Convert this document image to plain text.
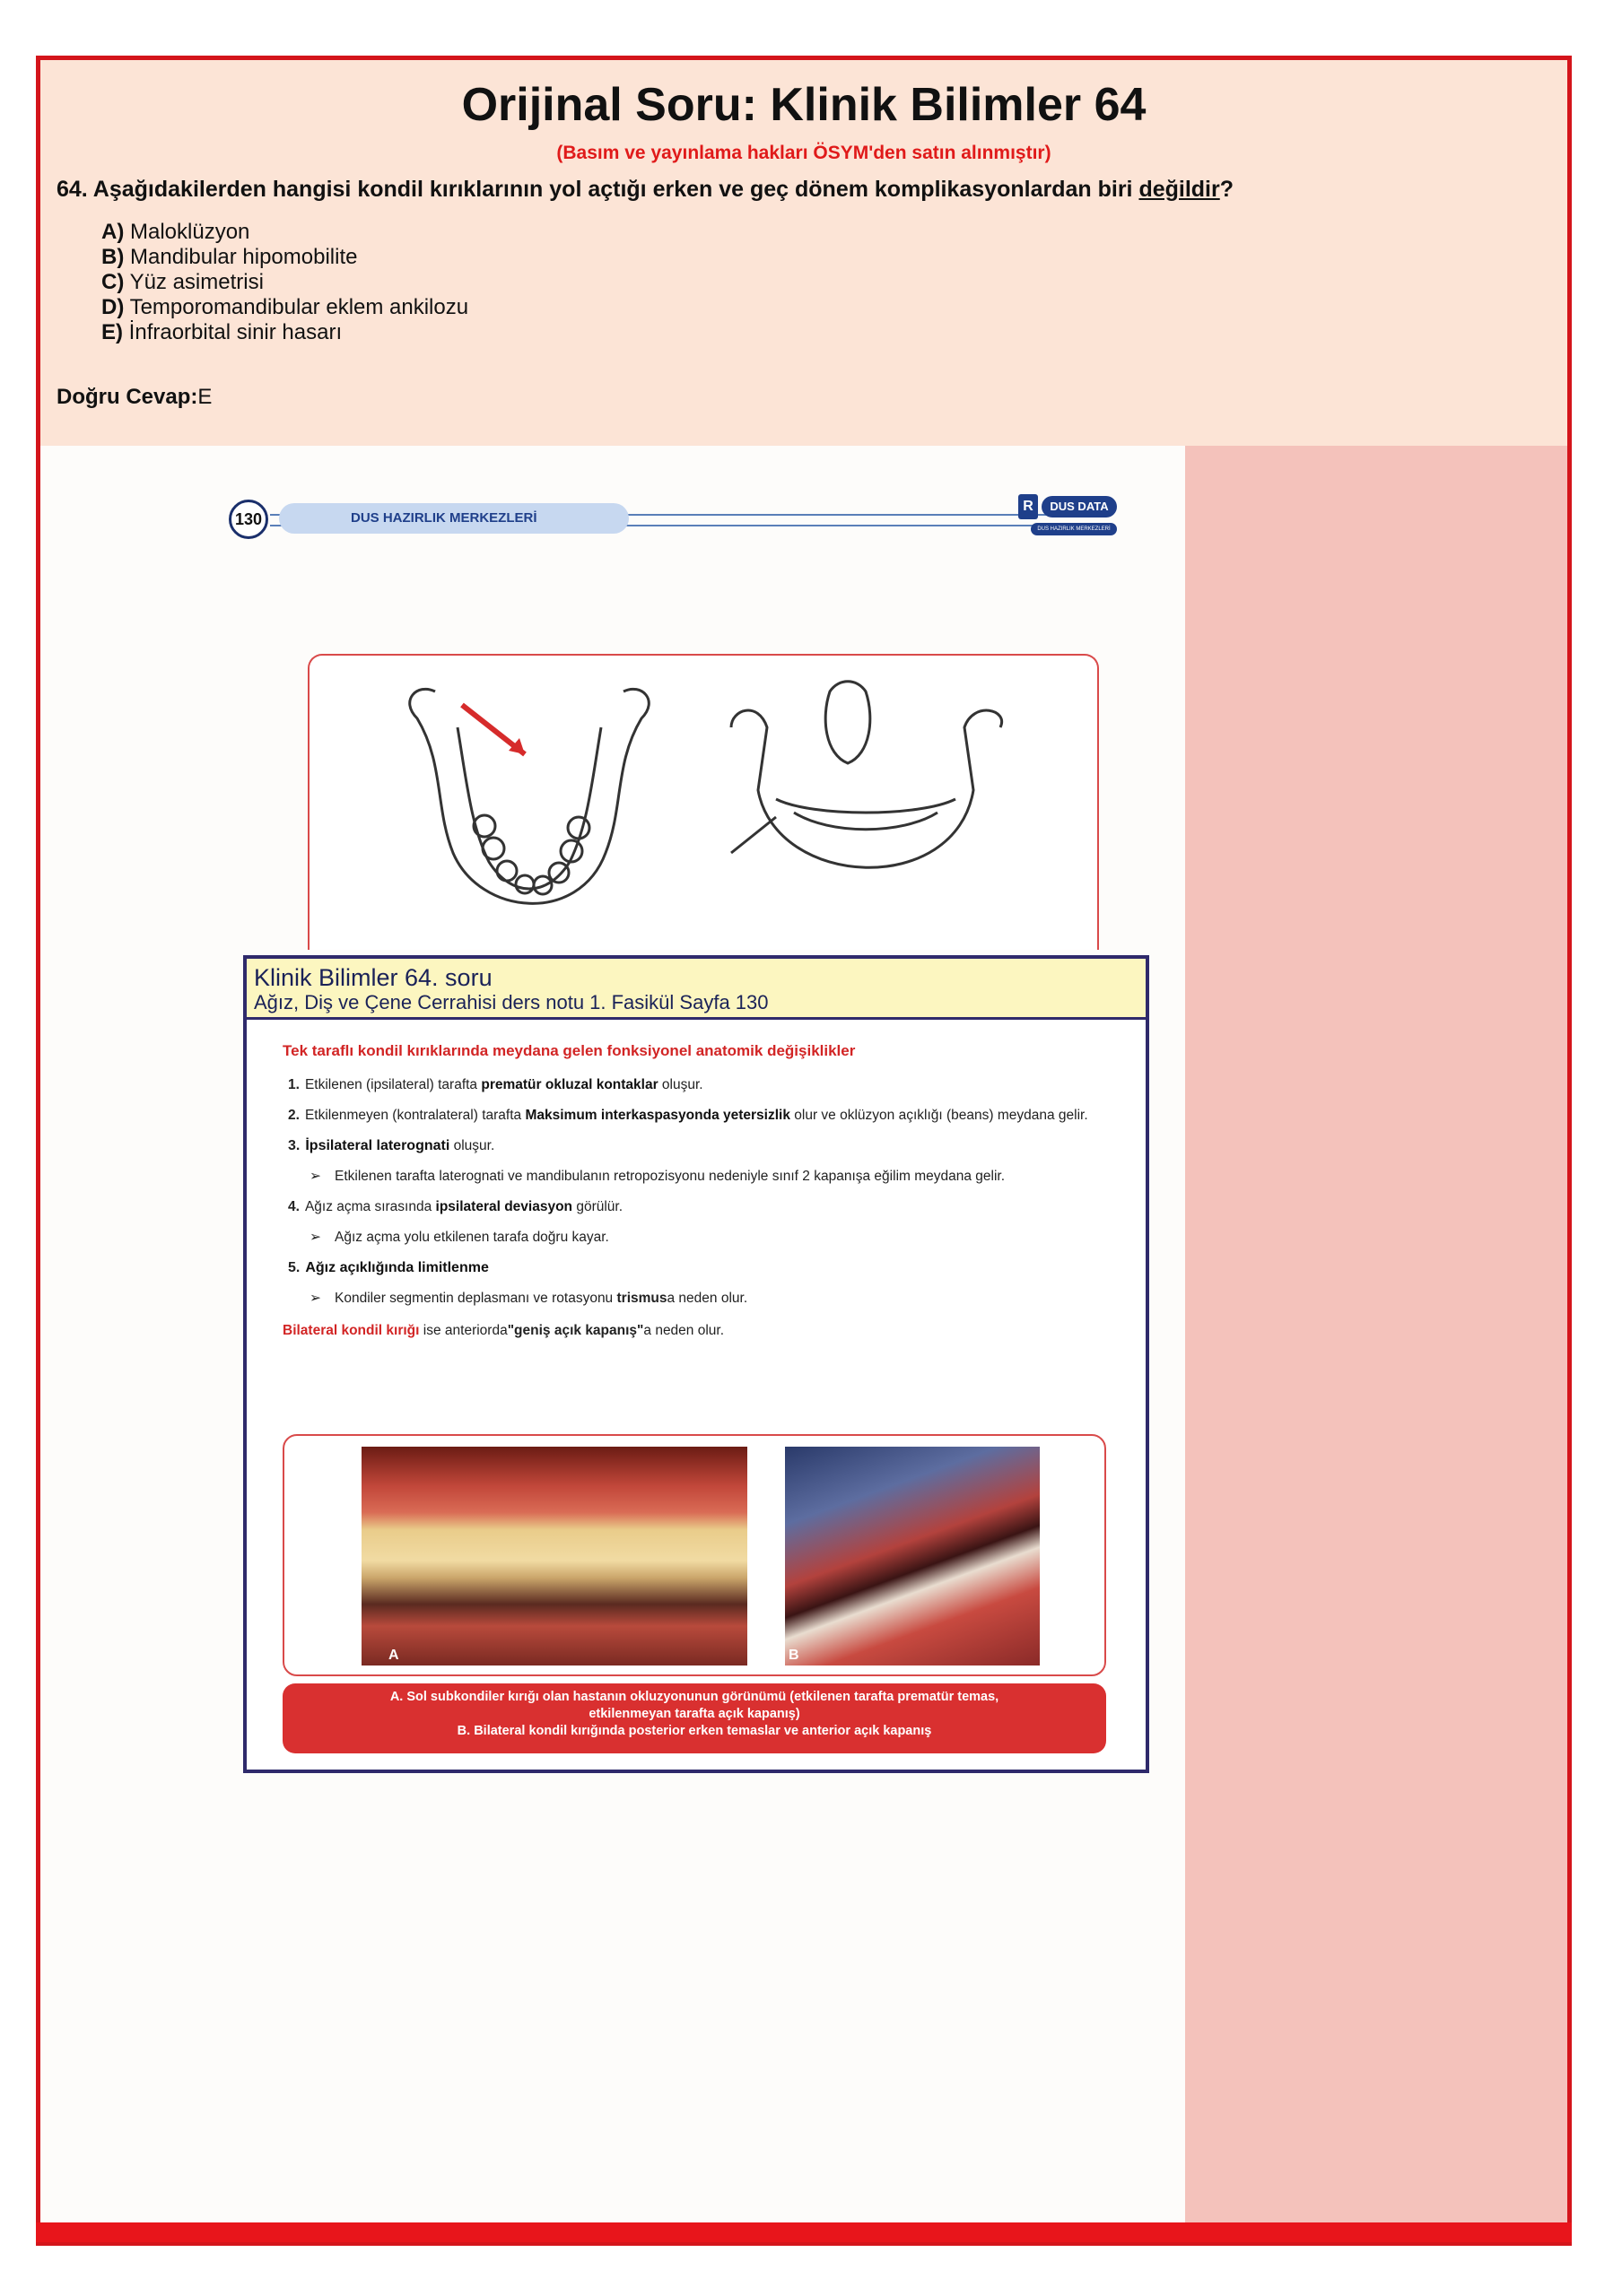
Orijinal Soru: Klinik Bilimler 64
(Basım ve yayınlama hakları ÖSYM'den satın alınmıştır)
64. Aşağıdakilerden hangisi kondil kırıklarının yol açtığı erken ve geç dönem komplikasyonlardan biri değildir?
A) Maloklüzyon
B) Mandibular hipomobilite
C) Yüz asimetrisi
D) Temporomandibular eklem ankilozu
E) İnfraorbital sinir hasarı
Doğru Cevap:E
DUS HAZIRLIK MERKEZLERİ
130
R	DUS DATA
DUS HAZIRLIK MERKEZLERİ
Klinik Bilimler 64. soru
Ağız, Diş ve Çene Cerrahisi ders notu 1. Fasikül Sayfa 130
Tek taraflı kondil kırıklarında meydana gelen fonksiyonel anatomik değişiklikler
1. Etkilenen (ipsilateral) tarafta prematür okluzal kontaklar oluşur.
2. Etkilenmeyen (kontralateral) tarafta Maksimum interkaspasyonda yetersizlik olur ve oklüzyon açıklığı (beans) meydana gelir.
3. İpsilateral laterognati oluşur.
➢ Etkilenen tarafta laterognati ve mandibulanın retropozisyonu nedeniyle sınıf 2 kapanışa eğilim meydana gelir.
4. Ağız açma sırasında ipsilateral deviasyon görülür.
➢ Ağız açma yolu etkilenen tarafa doğru kayar.
5. Ağız açıklığında limitlenme
➢ Kondiler segmentin deplasmanı ve rotasyonu trismusa neden olur.
Bilateral kondil kırığı ise anteriorda"geniş açık kapanış"a neden olur.
A	B
A. Sol subkondiler kırığı olan hastanın okluzyonunun görünümü (etkilenen tarafta prematür temas,
etkilenmeyan tarafta açık kapanış)
B. Bilateral kondil kırığında posterior erken temaslar ve anterior açık kapanış
